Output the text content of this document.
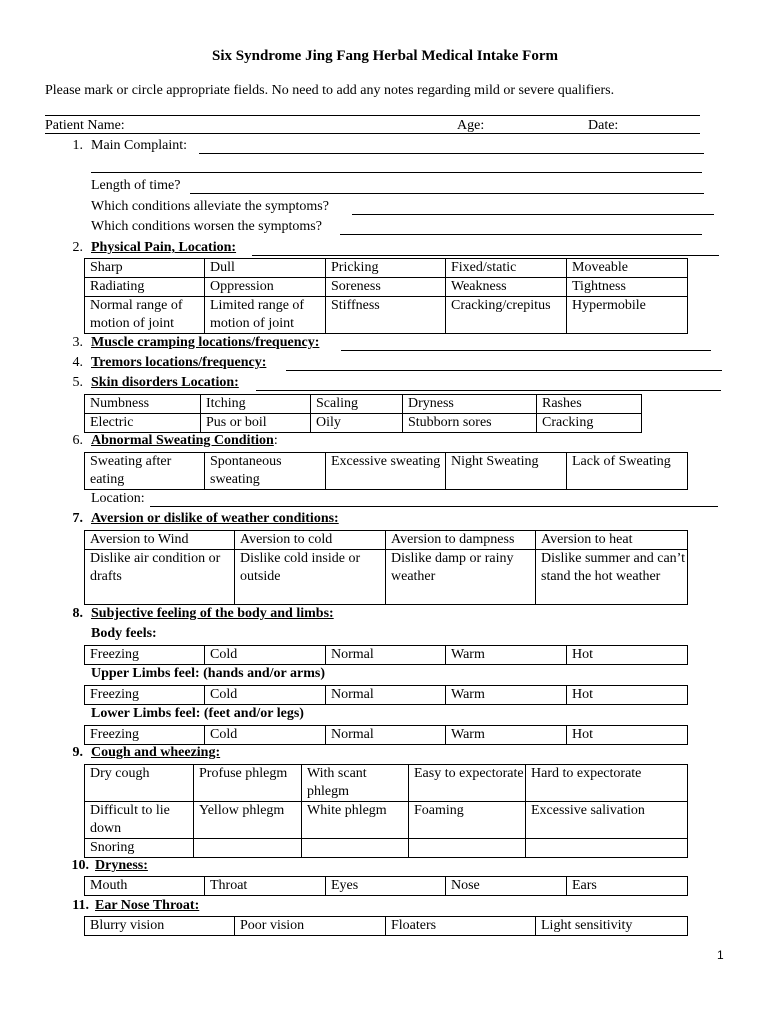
Six Syndrome Jing Fang Herbal Medical Intake Form
Please mark or circle appropriate fields. No need to add any notes regarding mild or severe qualifiers.
Patient Name:	Age:	Date:
1. Main Complaint:
Length of time?
Which conditions alleviate the symptoms?
Which conditions worsen the symptoms?
2. Physical Pain, Location:
Sharp	Dull	Pricking	Fixed/static	Moveable
Radiating	Oppression	Soreness	Weakness	Tightness
Normal range of motion of joint	Limited range of motion of joint	Stiffness	Cracking/crepitus	Hypermobile
3. Muscle cramping locations/frequency:
4. Tremors locations/frequency:
5. Skin disorders Location:
Numbness	Itching	Scaling	Dryness	Rashes
Electric	Pus or boil	Oily	Stubborn sores	Cracking
6. Abnormal Sweating Condition:
Sweating after eating	Spontaneous sweating	Excessive sweating	Night Sweating	Lack of Sweating
Location:
7. Aversion or dislike of weather conditions:
Aversion to Wind	Aversion to cold	Aversion to dampness	Aversion to heat
Dislike air condition or drafts	Dislike cold inside or outside	Dislike damp or rainy weather	Dislike summer and can’t stand the hot weather
8. Subjective feeling of the body and limbs:
Body feels:
Freezing	Cold	Normal	Warm	Hot
Upper Limbs feel: (hands and/or arms)
Freezing	Cold	Normal	Warm	Hot
Lower Limbs feel: (feet and/or legs)
Freezing	Cold	Normal	Warm	Hot
9. Cough and wheezing:
Dry cough	Profuse phlegm	With scant phlegm	Easy to expectorate	Hard to expectorate
Difficult to lie down	Yellow phlegm	White phlegm	Foaming	Excessive salivation
Snoring				
10. Dryness:
Mouth	Throat	Eyes	Nose	Ears
11. Ear Nose Throat:
Blurry vision	Poor vision	Floaters	Light sensitivity
1
